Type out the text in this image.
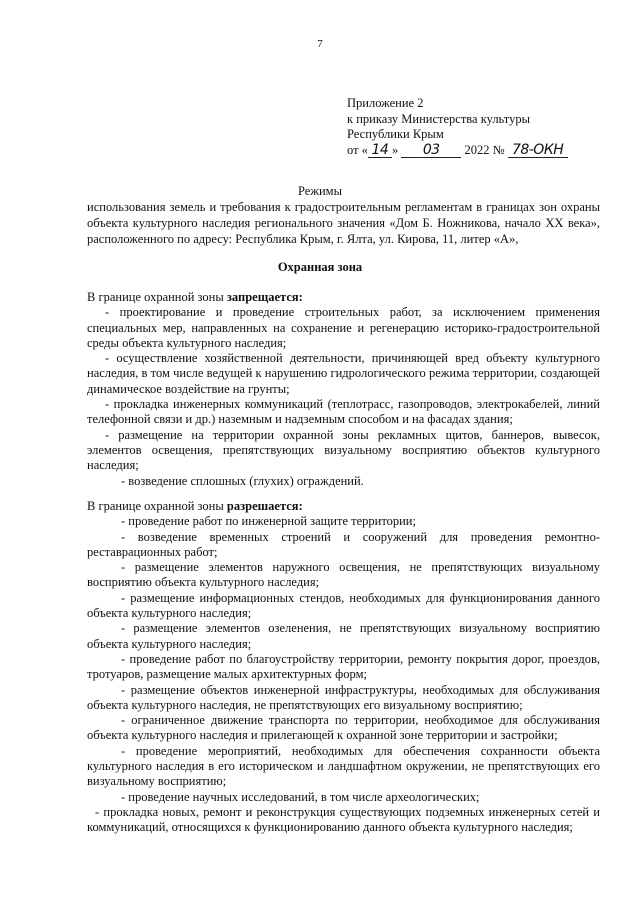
7
Приложение 2
к приказу Министерства культуры
Республики Крым
от « 14 » 03 2022 № 78-ОКН
Режимы
использования земель и требования к градостроительным регламентам в границах зон охраны объекта культурного наследия регионального значения «Дом Б. Ножникова, начало XX века», расположенного по адресу: Республика Крым, г. Ялта, ул. Кирова, 11, литер «А»,
Охранная зона

В границе охранной зоны запрещается:

- проектирование и проведение строительных работ, за исключением применения специальных мер, направленных на сохранение и регенерацию историко-градостроительной среды объекта культурного наследия;

- осуществление хозяйственной деятельности, причиняющей вред объекту культурного наследия, в том числе ведущей к нарушению гидрологического режима территории, создающей динамическое воздействие на грунты;

- прокладка инженерных коммуникаций (теплотрасс, газопроводов, электрокабелей, линий телефонной связи и др.) наземным и надземным способом и на фасадах здания;

- размещение на территории охранной зоны рекламных щитов, баннеров, вывесок, элементов освещения, препятствующих визуальному восприятию объектов культурного наследия;

- возведение сплошных (глухих) ограждений.

В границе охранной зоны разрешается:

- проведение работ по инженерной защите территории;

- возведение временных строений и сооружений для проведения ремонтно-реставрационных работ;

- размещение элементов наружного освещения, не препятствующих визуальному восприятию объекта культурного наследия;

- размещение информационных стендов, необходимых для функционирования данного объекта культурного наследия;

- размещение элементов озеленения, не препятствующих визуальному восприятию объекта культурного наследия;

- проведение работ по благоустройству территории, ремонту покрытия дорог, проездов, тротуаров, размещение малых архитектурных форм;

- размещение объектов инженерной инфраструктуры, необходимых для обслуживания объекта культурного наследия, не препятствующих его визуальному восприятию;

- ограниченное движение транспорта по территории, необходимое для обслуживания объекта культурного наследия и прилегающей к охранной зоне территории и застройки;

- проведение мероприятий, необходимых для обеспечения сохранности объекта культурного наследия в его историческом и ландшафтном окружении, не препятствующих его визуальному восприятию;

- проведение научных исследований, в том числе археологических;

- прокладка новых, ремонт и реконструкция существующих подземных инженерных сетей и коммуникаций, относящихся к функционированию данного объекта культурного наследия;
